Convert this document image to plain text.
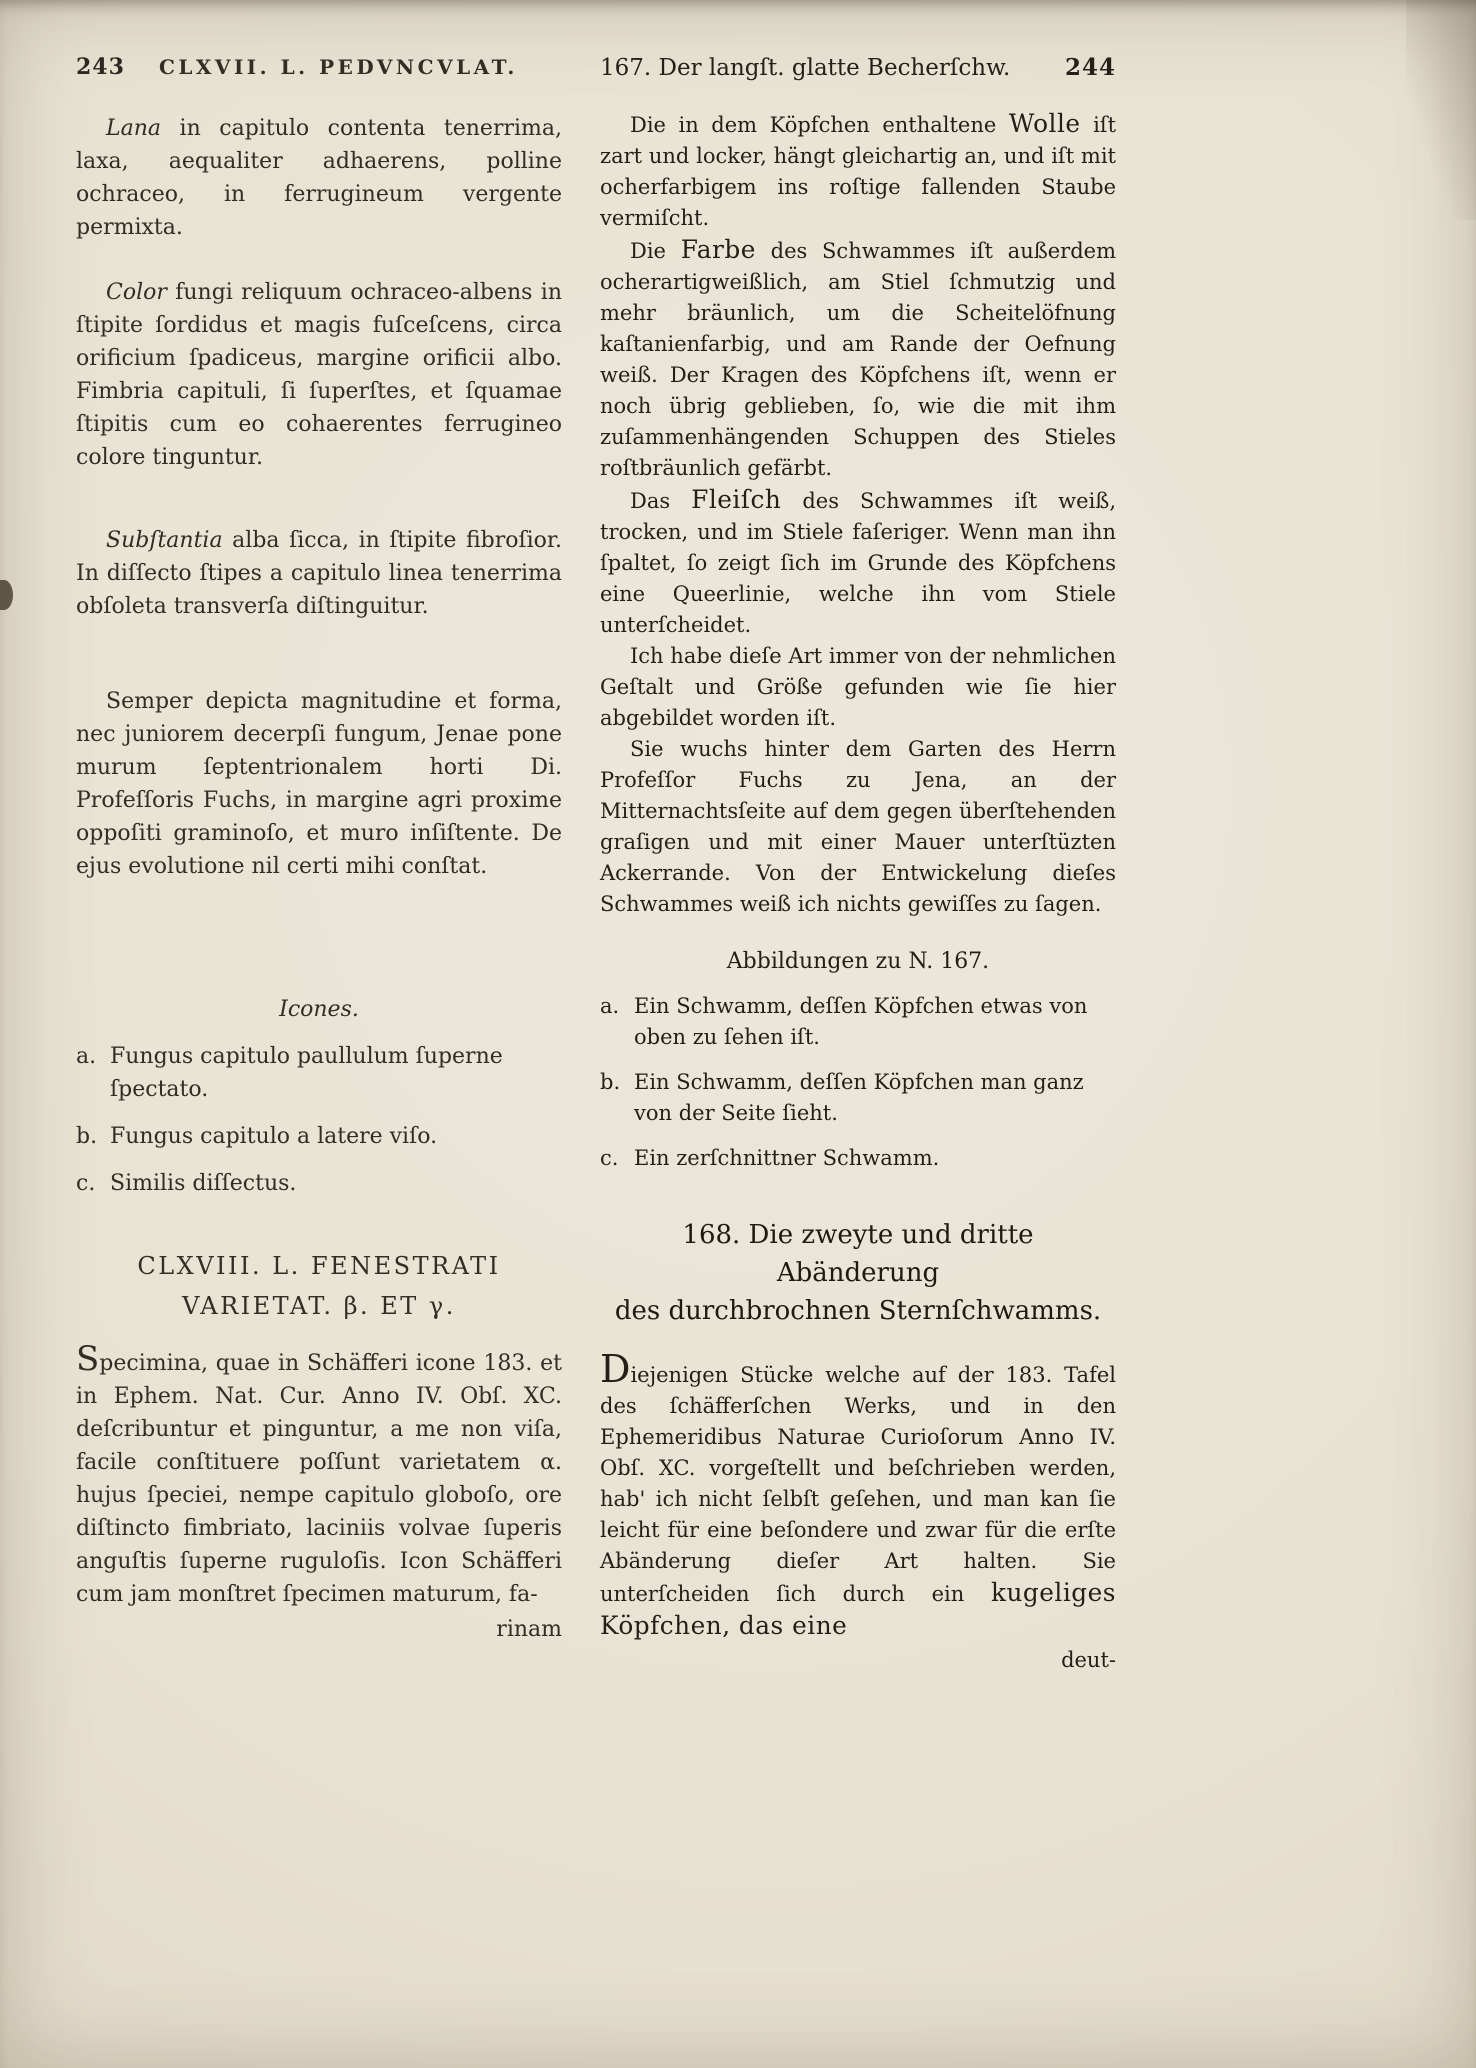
243 CLXVII. L. PEDVNCVLAT.	167. Der langſt. glatte Becherſchw. 244

Lana in capitulo contenta tenerrima, laxa, aequaliter adhaerens, polline ochraceo, in ferrugineum vergente permixta.

Color fungi reliquum ochraceo-albens in ſtipite ſordidus et magis fuſceſcens, circa orificium ſpadiceus, margine orificii albo. Fimbria capituli, ſi ſuperſtes, et ſquamae ſtipitis cum eo cohaerentes ferrugineo colore tinguntur.

Subſtantia alba ſicca, in ſtipite fibroſior. In diſſecto ſtipes a capitulo linea tenerrima obſoleta transverſa diſtinguitur.

Semper depicta magnitudine et forma, nec juniorem decerpſi fungum, Jenae pone murum ſeptentrionalem horti Di. Profeſſoris Fuchs, in margine agri proxime oppoſiti graminoſo, et muro inſiſtente. De ejus evolutione nil certi mihi conſtat.

Icones.

a. Fungus capitulo paullulum ſuperne ſpectato.
b. Fungus capitulo a latere viſo.
c. Similis diſſectus.

CLXVIII. L. FENESTRATI
VARIETAT. β. ET γ.

Specimina, quae in Schäfferi icone 183. et in Ephem. Nat. Cur. Anno IV. Obſ. XC. deſcribuntur et pinguntur, a me non viſa, facile conſtituere poſſunt varietatem α. hujus ſpeciei, nempe capitulo globoſo, ore diſtincto fimbriato, laciniis volvae ſuperis anguſtis ſuperne ruguloſis. Icon Schäfferi cum jam monſtret ſpecimen maturum, fa-

rinam

Die in dem Köpfchen enthaltene Wolle iſt zart und locker, hängt gleichartig an, und iſt mit ocherfarbigem ins roſtige fallenden Staube vermiſcht.

Die Farbe des Schwammes iſt außerdem ocherartigweißlich, am Stiel ſchmutzig und mehr bräunlich, um die Scheitelöfnung kaſtanienfarbig, und am Rande der Oefnung weiß. Der Kragen des Köpfchens iſt, wenn er noch übrig geblieben, ſo, wie die mit ihm zuſammenhängenden Schuppen des Stieles roſtbräunlich gefärbt.

Das Fleiſch des Schwammes iſt weiß, trocken, und im Stiele faſeriger. Wenn man ihn ſpaltet, ſo zeigt ſich im Grunde des Köpfchens eine Queerlinie, welche ihn vom Stiele unterſcheidet.

Ich habe dieſe Art immer von der nehmlichen Geſtalt und Größe gefunden wie ſie hier abgebildet worden iſt.

Sie wuchs hinter dem Garten des Herrn Profeſſor Fuchs zu Jena, an der Mitternachtsſeite auf dem gegen überſtehenden graſigen und mit einer Mauer unterſtüzten Ackerrande. Von der Entwickelung dieſes Schwammes weiß ich nichts gewiſſes zu ſagen.

Abbildungen zu N. 167.

a. Ein Schwamm, deſſen Köpfchen etwas von oben zu ſehen iſt.
b. Ein Schwamm, deſſen Köpfchen man ganz von der Seite ſieht.
c. Ein zerſchnittner Schwamm.

168. Die zweyte und dritte Abänderung
des durchbrochnen Sternſchwamms.

Diejenigen Stücke welche auf der 183. Tafel des ſchäfferſchen Werks, und in den Ephemeridibus Naturae Curioſorum Anno IV. Obſ. XC. vorgeſtellt und beſchrieben werden, hab' ich nicht ſelbſt geſehen, und man kan ſie leicht für eine beſondere und zwar für die erſte Abänderung dieſer Art halten. Sie unterſcheiden ſich durch ein kugeliges Köpfchen, das eine

deut-
